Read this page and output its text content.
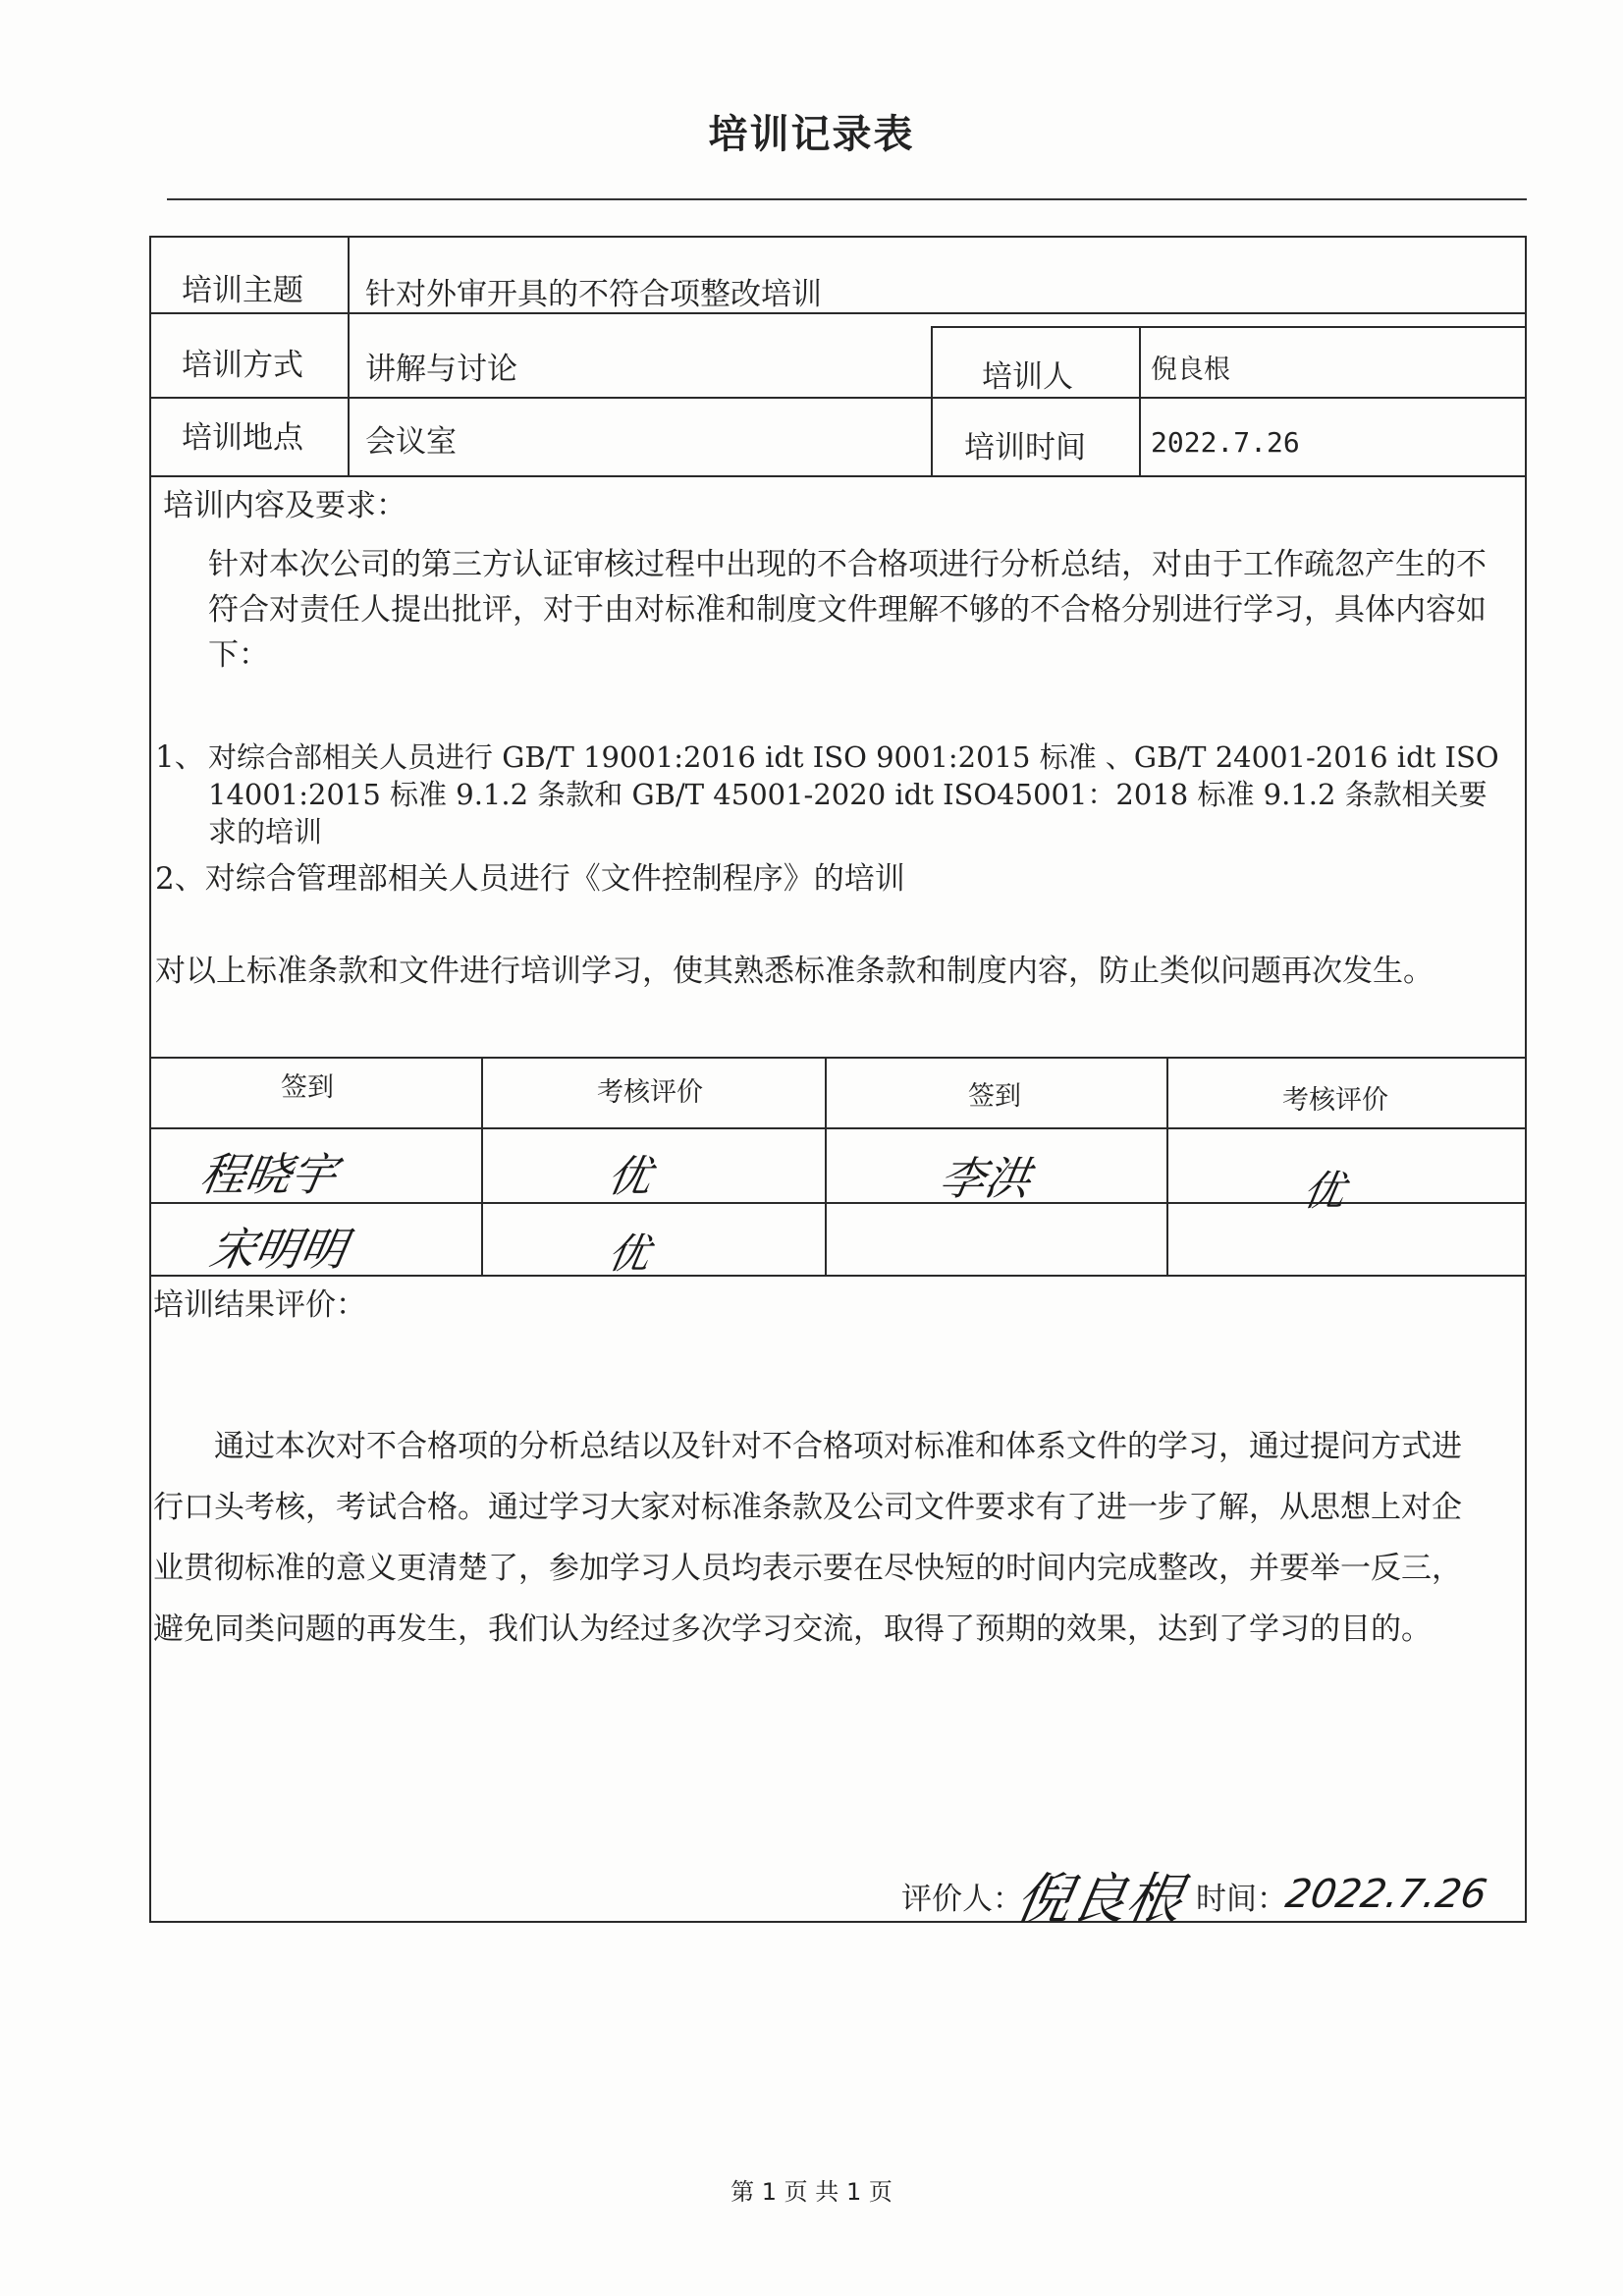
培训记录表
培训主题 针对外审开具的不符合项整改培训
培训方式 讲解与讨论	培训人	倪良根
培训地点 会议室	培训时间 2022.7.26
培训内容及要求：
针对本次公司的第三方认证审核过程中出现的不合格项进行分析总结，对由于工作疏忽产生的不符合对责任人提出批评，对于由对标准和制度文件理解不够的不合格分别进行学习，具体内容如下：
1、 对综合部相关人员进行 GB/T 19001:2016 idt ISO 9001:2015 标准 、GB/T 24001-2016 idt ISO 14001:2015 标准 9.1.2 条款和 GB/T 45001-2020 idt ISO45001：2018 标准 9.1.2 条款相关要求的培训
2、对综合管理部相关人员进行《文件控制程序》的培训
对以上标准条款和文件进行培训学习，使其熟悉标准条款和制度内容，防止类似问题再次发生。
签到	考核评价	签到	考核评价
程晓宇	优	李洪	优
宋明明	优
培训结果评价：
通过本次对不合格项的分析总结以及针对不合格项对标准和体系文件的学习，通过提问方式进行口头考核，考试合格。通过学习大家对标准条款及公司文件要求有了进一步了解，从思想上对企业贯彻标准的意义更清楚了，参加学习人员均表示要在尽快短的时间内完成整改，并要举一反三，避免同类问题的再发生，我们认为经过多次学习交流，取得了预期的效果，达到了学习的目的。
评价人：
倪良根 时间：
2022.7.26
第 1 页 共 1 页
